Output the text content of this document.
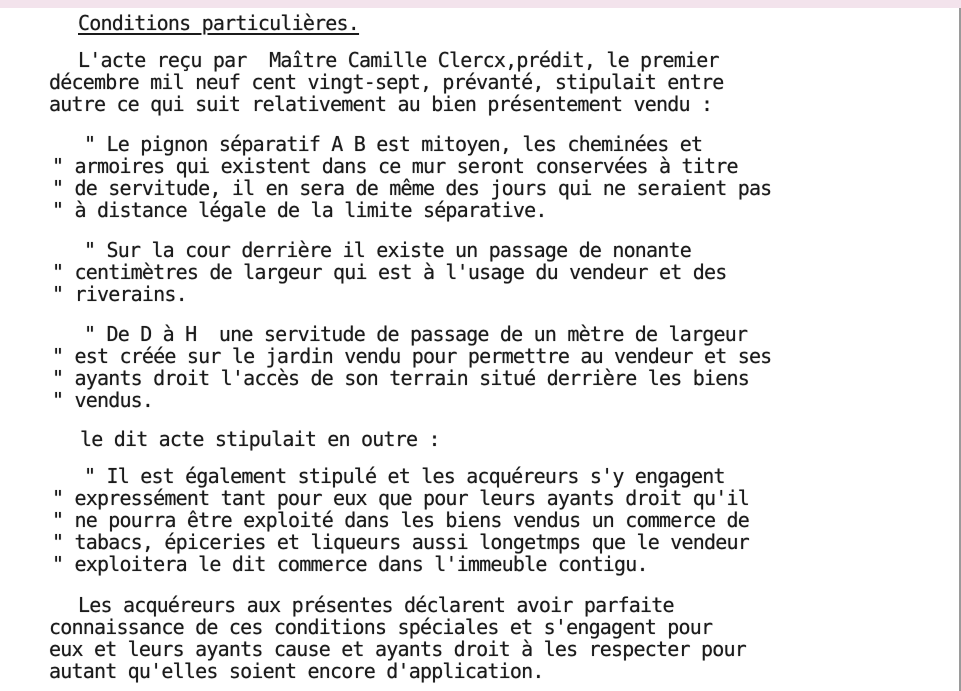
Conditions particulières.
L'acte reçu par  Maître Camille Clercx,prédit, le premier
décembre mil neuf cent vingt-sept, prévanté, stipulait entre
autre ce qui suit relativement au bien présentement vendu :
" Le pignon séparatif A B est mitoyen, les cheminées et
" armoires qui existent dans ce mur seront conservées à titre
" de servitude, il en sera de même des jours qui ne seraient pas
" à distance légale de la limite séparative.
" Sur la cour derrière il existe un passage de nonante
" centimètres de largeur qui est à l'usage du vendeur et des
" riverains.
" De D à H  une servitude de passage de un mètre de largeur
" est créée sur le jardin vendu pour permettre au vendeur et ses
" ayants droit l'accès de son terrain situé derrière les biens
" vendus.
le dit acte stipulait en outre :
" Il est également stipulé et les acquéreurs s'y engagent
" expressément tant pour eux que pour leurs ayants droit qu'il
" ne pourra être exploité dans les biens vendus un commerce de
" tabacs, épiceries et liqueurs aussi longetmps que le vendeur
" exploitera le dit commerce dans l'immeuble contigu.
Les acquéreurs aux présentes déclarent avoir parfaite
connaissance de ces conditions spéciales et s'engagent pour
eux et leurs ayants cause et ayants droit à les respecter pour
autant qu'elles soient encore d'application.
